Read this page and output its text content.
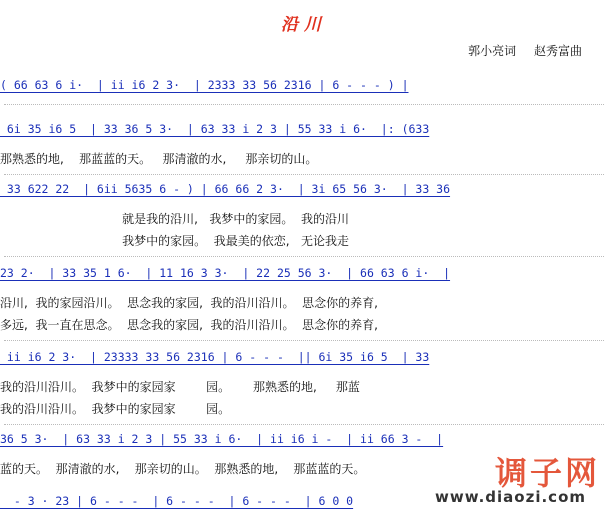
沿川
郭小亮词 赵秀富曲
( 66 63 6 i·  | ii i6 2 3·  | 2333 33 56 2316 | 6 - - - ) |
6i 35 i6 5  | 33 36 5 3·  | 63 33 i 2 3 | 55 33 i 6·  |: (633
那熟悉的地,    那蓝蓝的天。   那清澈的水,     那亲切的山。
33 622 22  | 6ii 5635 6 - ) | 66 66 2 3·  | 3i 65 56 3·  | 33 36
就是我的沿川,   我梦中的家园。  我的沿川
我梦中的家园。  我最美的依恋,   无论我走
23 2·  | 33 35 1 6·  | 11 16 3 3·  | 22 25 56 3·  | 66 63 6 i·  |
沿川,  我的家园沿川。  思念我的家园,  我的沿川沿川。  思念你的养育,
多远,  我一直在思念。  思念我的家园,  我的沿川沿川。  思念你的养育,
ii i6 2 3·  | 23333 33 56 2316 | 6 - - -  || 6i 35 i6 5  | 33
我的沿川沿川。  我梦中的家园家        园。      那熟悉的地,     那蓝
我的沿川沿川。  我梦中的家园家        园。
36 5 3·  | 63 33 i 2 3 | 55 33 i 6·  | ii i6 i -  | ii 66 3 -  |
蓝的天。  那清澈的水,    那亲切的山。  那熟悉的地,    那蓝蓝的天。
- 3 · 23 | 6 - - -  | 6 - - -  | 6 - - -  | 6 0 0
调子网
www.diaozi.com
